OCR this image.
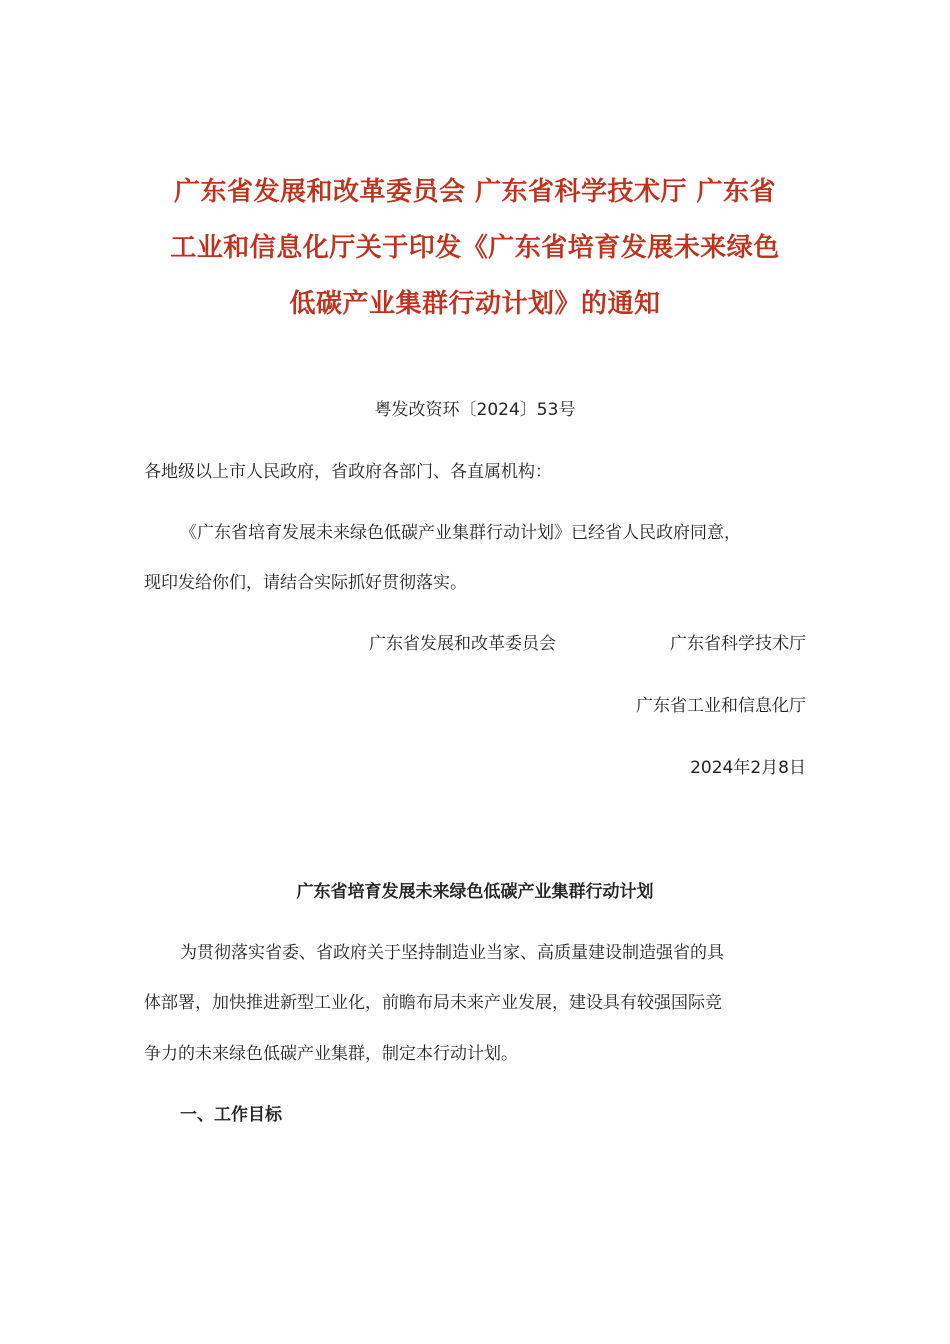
广东省发展和改革委员会 广东省科学技术厅 广东省
工业和信息化厅关于印发《广东省培育发展未来绿色
低碳产业集群行动计划》的通知

粤发改资环〔2024〕53号

各地级以上市人民政府，省政府各部门、各直属机构：

《广东省培育发展未来绿色低碳产业集群行动计划》已经省人民政府同意，

现印发给你们，请结合实际抓好贯彻落实。

广东省发展和改革委员会	广东省科学技术厅

广东省工业和信息化厅

2024年2月8日

广东省培育发展未来绿色低碳产业集群行动计划

为贯彻落实省委、省政府关于坚持制造业当家、高质量建设制造强省的具

体部署，加快推进新型工业化，前瞻布局未来产业发展，建设具有较强国际竞

争力的未来绿色低碳产业集群，制定本行动计划。

一、工作目标
